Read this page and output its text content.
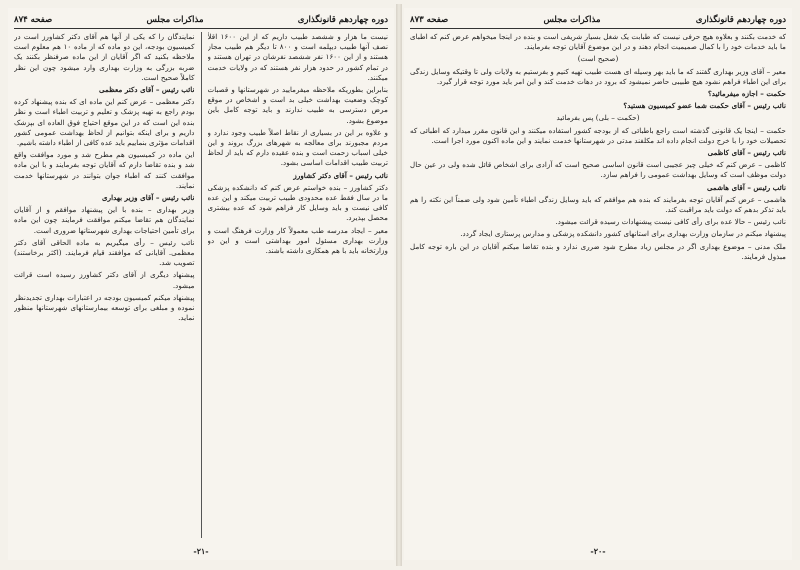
دوره چهاردهم قانونگذاری
مذاکرات مجلس
صفحه ۸۷۴

نیست ما هزار و ششصد طبیب داریم که از این ۱۶۰۰ اقلاً نصف آنها طبیب دیپلمه است و ۸۰۰ تا دیگر هم طبیب مجاز هستند و از این ۱۶۰۰ نفر ششصد نفرشان در تهران هستند و در تمام کشور در حدود هزار نفر هستند که در ولایات خدمت میکنند.

بنابراین بطوریکه ملاحظه میفرمایید در شهرستانها و قصبات کوچک وضعیت بهداشت خیلی بد است و اشخاص در موقع مرض دسترسی به طبیب ندارند و باید توجه کامل باین موضوع بشود.

و علاوه بر این در بسیاری از نقاط اصلاً طبیب وجود ندارد و مردم مجبورند برای معالجه به شهرهای بزرگ بروند و این خیلی اسباب زحمت است و بنده عقیده دارم که باید از لحاظ تربیت طبیب اقدامات اساسی بشود.

نائب رئیس – آقای دکتر کشاورز

دکتر کشاورز – بنده خواستم عرض کنم که دانشکده پزشکی ما در سال فقط عده محدودی طبیب تربیت میکند و این عده کافی نیست و باید وسایل کار فراهم شود که عده بیشتری محصل بپذیرد.

معیر – ایجاد مدرسه طب معمولاً کار وزارت فرهنگ است و وزارت بهداری مسئول امور بهداشتی است و این دو وزارتخانه باید با هم همکاری داشته باشند.

نمایندگان را که یکی از آنها هم آقای دکتر کشاورز است در کمیسیون بودجه، این دو ماده که از ماده ۱۰ هم معلوم است ملاحظه بکنید که اگر آقایان از این ماده صرفنظر بکنند یک ضربه بزرگی به وزارت بهداری وارد میشود چون این نظر کاملاً صحیح است.

نائب رئیس – آقای دکتر معظمی

دکتر معظمی – عرض کنم این ماده ای که بنده پیشنهاد کرده بودم راجع به تهیه پزشک و تعلیم و تربیت اطباء است و نظر بنده این است که در این موقع احتیاج فوق العاده ای بپزشک داریم و برای اینکه بتوانیم از لحاظ بهداشت عمومی کشور اقدامات مؤثری بنماییم باید عده کافی از اطباء داشته باشیم.

این ماده در کمیسیون هم مطرح شد و مورد موافقت واقع شد و بنده تقاضا دارم که آقایان توجه بفرمایند و با این ماده موافقت کنند که اطباء جوان بتوانند در شهرستانها خدمت نمایند.

نائب رئیس – آقای وزیر بهداری

وزیر بهداری – بنده با این پیشنهاد موافقم و از آقایان نمایندگان هم تقاضا میکنم موافقت فرمایند چون این ماده برای تأمین احتیاجات بهداری شهرستانها ضروری است.

نائب رئیس – رأی میگیریم به ماده الحاقی آقای دکتر معظمی. آقایانی که موافقند قیام فرمایند. (اکثر برخاستند) تصویب شد.

پیشنهاد دیگری از آقای دکتر کشاورز رسیده است قرائت میشود.

پیشنهاد میکنم کمیسیون بودجه در اعتبارات بهداری تجدیدنظر نموده و مبلغی برای توسعه بیمارستانهای شهرستانها منظور نماید.

-۲۱-
دوره چهاردهم قانونگذاری
مذاکرات مجلس
صفحه ۸۷۳

که خدمت بکنند و بعلاوه هیچ حرفی نیست که طبابت یک شغل بسیار شریفی است و بنده در اینجا میخواهم عرض کنم که اطبای ما باید خدمات خود را با کمال صمیمیت انجام دهند و در این موضوع آقایان توجه بفرمایند.

(صحیح است)

معیر – آقای وزیر بهداری گفتند که ما باید بهر وسیله ای هست طبیب تهیه کنیم و بفرستیم به ولایات ولی تا وقتیکه وسایل زندگی برای این اطباء فراهم نشود هیچ طبیبی حاضر نمیشود که برود در دهات خدمت کند و این امر باید مورد توجه قرار گیرد.

حکمت – اجازه میفرمائید؟

نائب رئیس – آقای حکمت شما عضو کمیسیون هستید؟

(حکمت – بلی) پس بفرمائید

حکمت – اینجا یک قانونی گذشته است راجع باطبائی که از بودجه کشور استفاده میکنند و این قانون مقرر میدارد که اطبائی که تحصیلات خود را با خرج دولت انجام داده اند مکلفند مدتی در شهرستانها خدمت نمایند و این ماده اکنون مورد اجرا است.

نائب رئیس – آقای کاظمی

کاظمی – عرض کنم که خیلی چیز عجیبی است قانون اساسی صحیح است که آزادی برای اشخاص قائل شده ولی در عین حال دولت موظف است که وسایل بهداشت عمومی را فراهم سازد.

نائب رئیس – آقای هاشمی

هاشمی – عرض کنم آقایان توجه بفرمایند که بنده هم موافقم که باید وسایل زندگی اطباء تأمین شود ولی ضمناً این نکته را هم باید تذکر بدهم که دولت باید مراقبت کند.

نائب رئیس – حالا عده برای رأی کافی نیست پیشنهادات رسیده قرائت میشود.

پیشنهاد میکنم در سازمان وزارت بهداری برای استانهای کشور دانشکده پزشکی و مدارس پرستاری ایجاد گردد.

ملک مدنی – موضوع بهداری اگر در مجلس زیاد مطرح شود ضرری ندارد و بنده تقاضا میکنم آقایان در این باره توجه کامل مبذول فرمایند.

-۲۰-
